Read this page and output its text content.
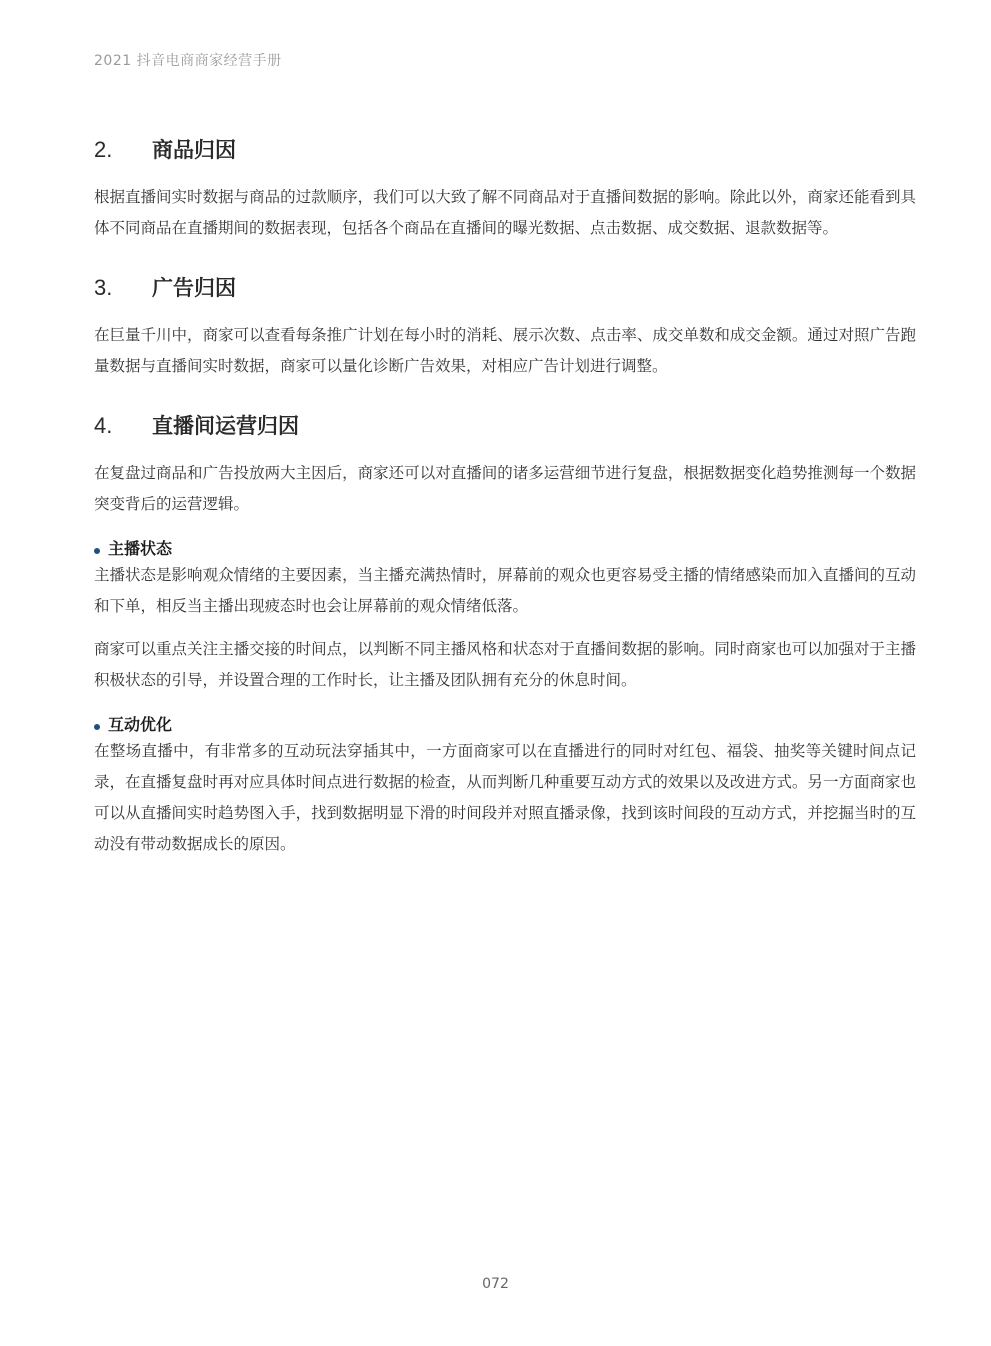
2021 抖音电商商家经营手册
2.	商品归因

根据直播间实时数据与商品的过款顺序，我们可以大致了解不同商品对于直播间数据的影响。除此以外，商家还能看到具体不同商品在直播期间的数据表现，包括各个商品在直播间的曝光数据、点击数据、成交数据、退款数据等。

3.	广告归因

在巨量千川中，商家可以查看每条推广计划在每小时的消耗、展示次数、点击率、成交单数和成交金额。通过对照广告跑量数据与直播间实时数据，商家可以量化诊断广告效果，对相应广告计划进行调整。

4.	直播间运营归因

在复盘过商品和广告投放两大主因后，商家还可以对直播间的诸多运营细节进行复盘，根据数据变化趋势推测每一个数据突变背后的运营逻辑。

主播状态

主播状态是影响观众情绪的主要因素，当主播充满热情时，屏幕前的观众也更容易受主播的情绪感染而加入直播间的互动和下单，相反当主播出现疲态时也会让屏幕前的观众情绪低落。

商家可以重点关注主播交接的时间点，以判断不同主播风格和状态对于直播间数据的影响。同时商家也可以加强对于主播积极状态的引导，并设置合理的工作时长，让主播及团队拥有充分的休息时间。

互动优化

在整场直播中，有非常多的互动玩法穿插其中，一方面商家可以在直播进行的同时对红包、福袋、抽奖等关键时间点记录，在直播复盘时再对应具体时间点进行数据的检查，从而判断几种重要互动方式的效果以及改进方式。另一方面商家也可以从直播间实时趋势图入手，找到数据明显下滑的时间段并对照直播录像，找到该时间段的互动方式，并挖掘当时的互动没有带动数据成长的原因。

072
